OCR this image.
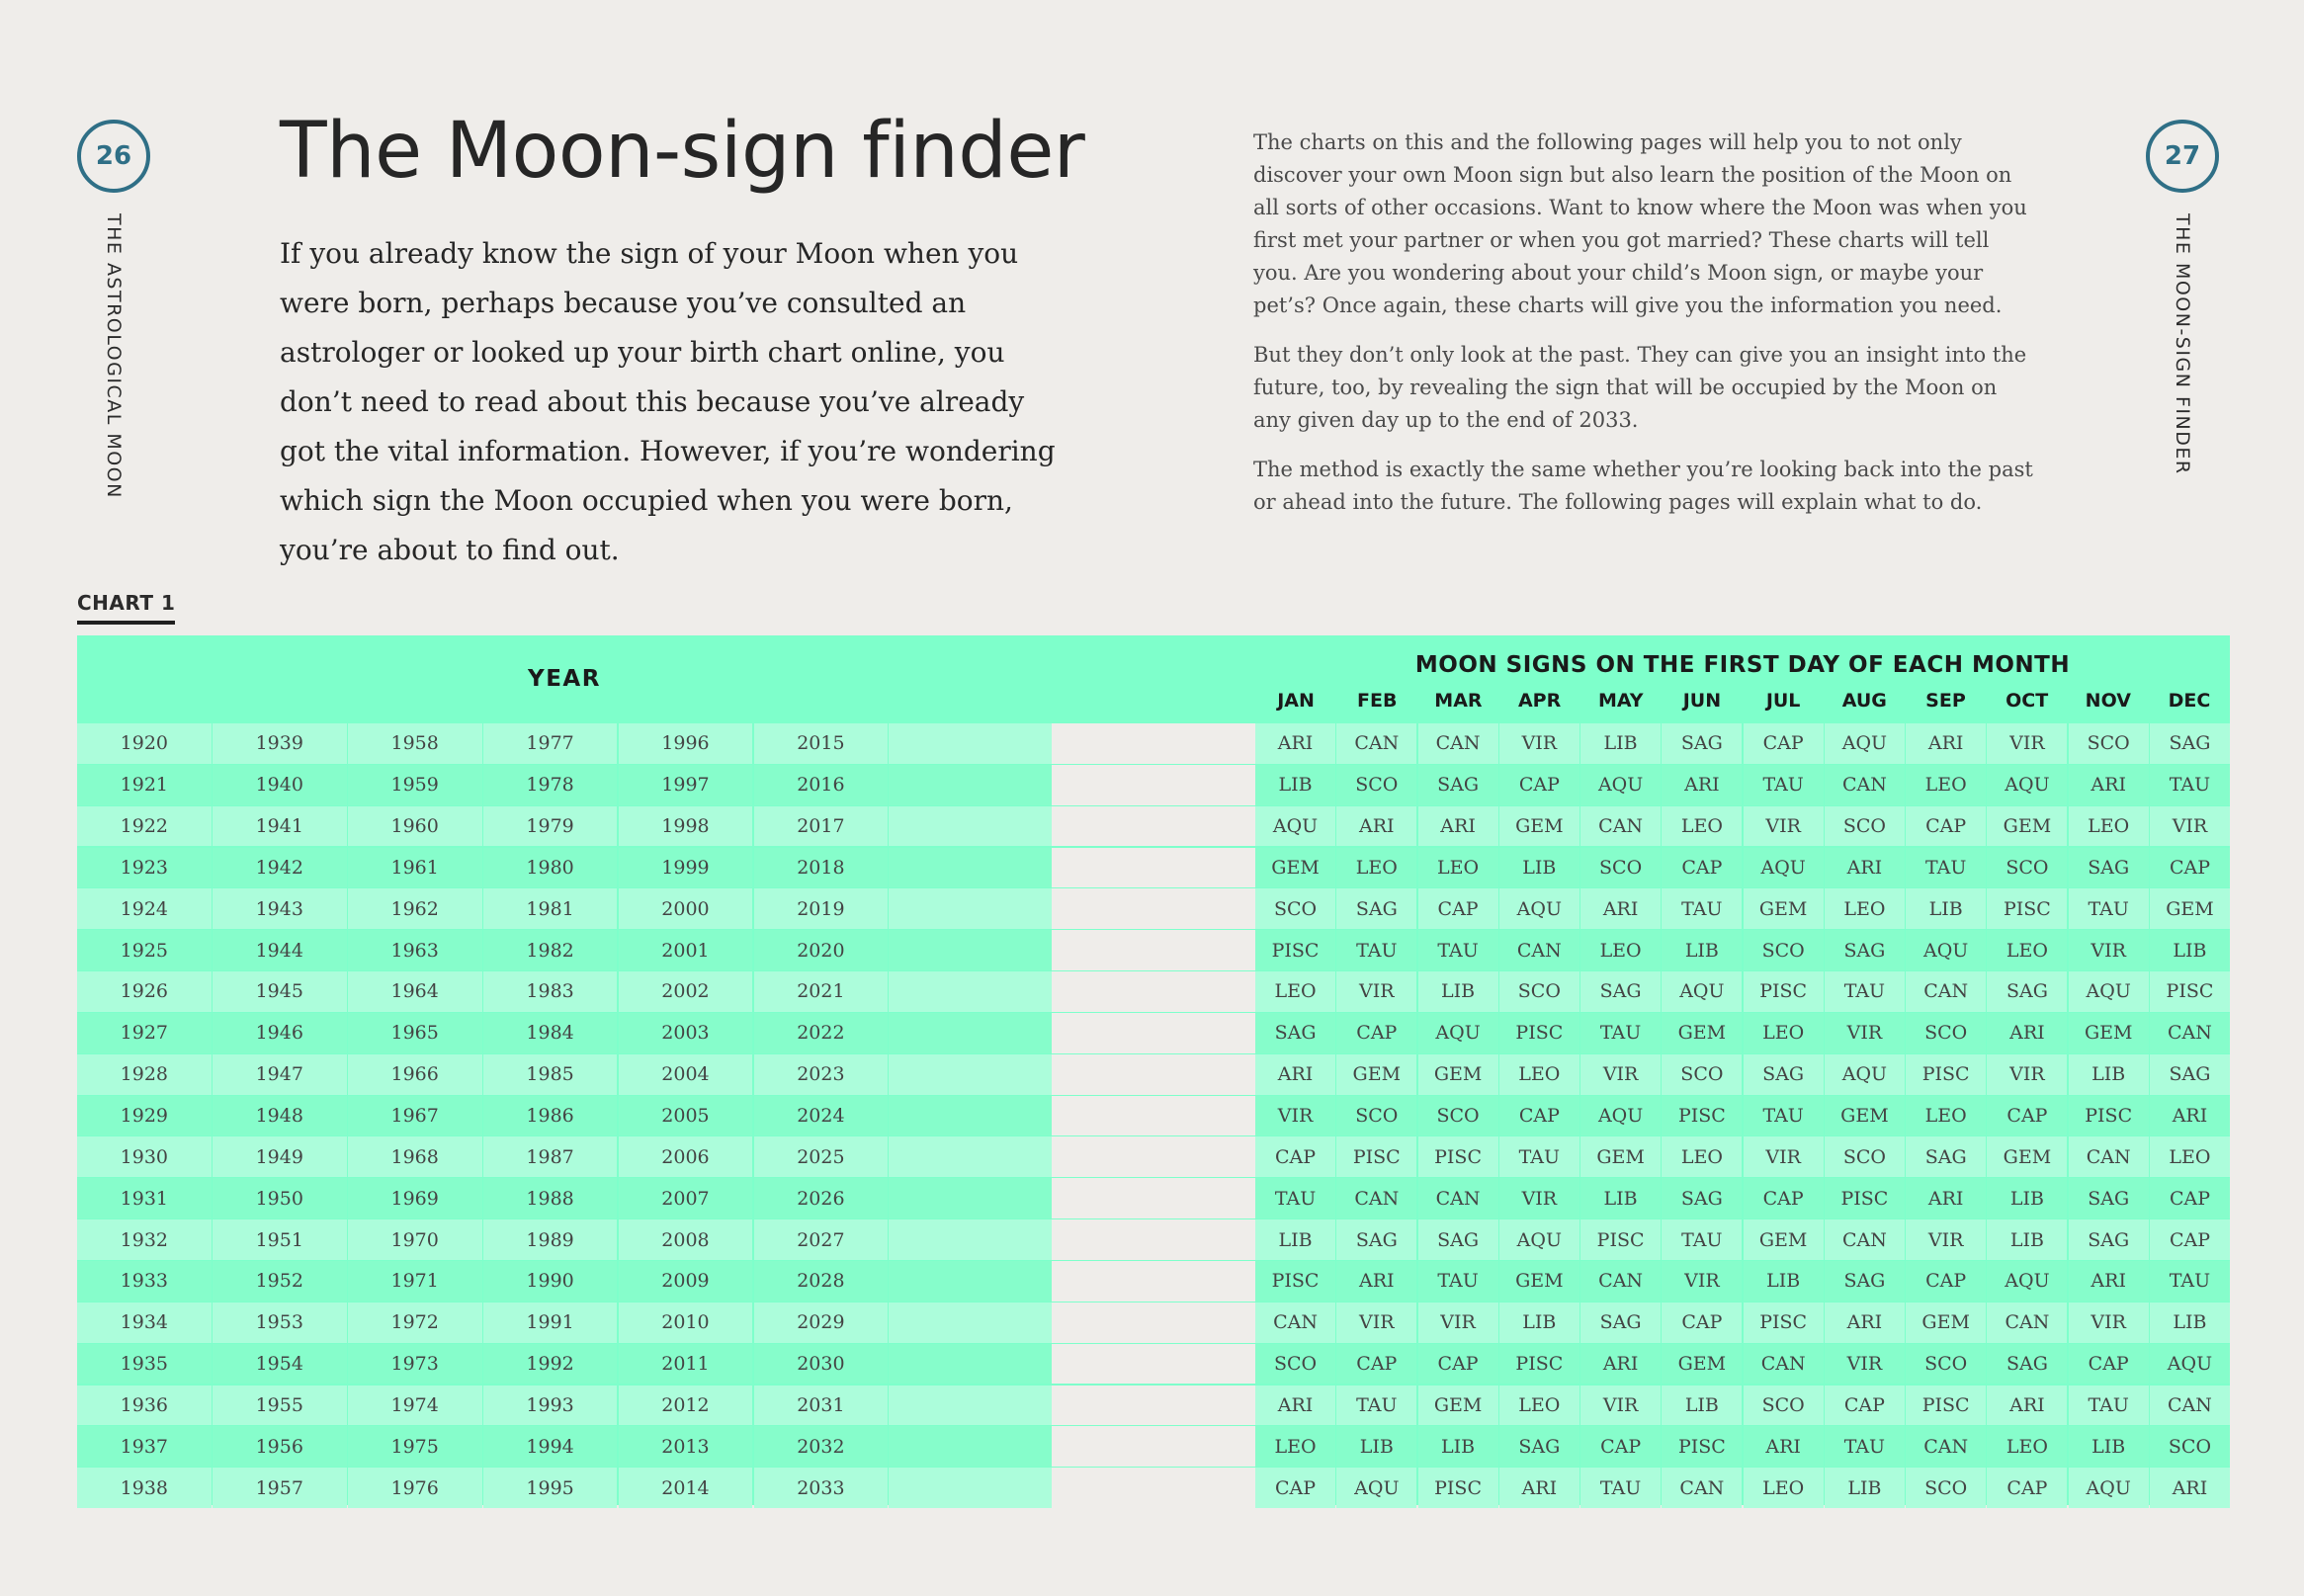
26
THE ASTROLOGICAL MOON
27
THE MOON-SIGN FINDER
The Moon-sign finder

If you already know the sign of your Moon when you were born, perhaps because you’ve consulted an astrologer or looked up your birth chart online, you don’t need to read about this because you’ve already got the vital information. However, if you’re wondering which sign the Moon occupied when you were born, you’re about to find out.

The charts on this and the following pages will help you to not only discover your own Moon sign but also learn the position of the Moon on all sorts of other occasions. Want to know where the Moon was when you first met your partner or when you got married? These charts will tell you. Are you wondering about your child’s Moon sign, or maybe your pet’s? Once again, these charts will give you the information you need.

But they don’t only look at the past. They can give you an insight into the future, too, by revealing the sign that will be occupied by the Moon on any given day up to the end of 2033.

The method is exactly the same whether you’re looking back into the past or ahead into the future. The following pages will explain what to do.

CHART 1
YEAR
MOON SIGNS ON THE FIRST DAY OF EACH MONTH
JAN	FEB	MAR	APR	MAY	JUN	JUL	AUG	SEP	OCT	NOV	DEC
1920	1939	1958	1977	1996	2015	ARI	CAN	CAN	VIR	LIB	SAG	CAP	AQU	ARI	VIR	SCO	SAG
1921	1940	1959	1978	1997	2016	LIB	SCO	SAG	CAP	AQU	ARI	TAU	CAN	LEO	AQU	ARI	TAU
1922	1941	1960	1979	1998	2017	AQU	ARI	ARI	GEM	CAN	LEO	VIR	SCO	CAP	GEM	LEO	VIR
1923	1942	1961	1980	1999	2018	GEM	LEO	LEO	LIB	SCO	CAP	AQU	ARI	TAU	SCO	SAG	CAP
1924	1943	1962	1981	2000	2019	SCO	SAG	CAP	AQU	ARI	TAU	GEM	LEO	LIB	PISC	TAU	GEM
1925	1944	1963	1982	2001	2020	PISC	TAU	TAU	CAN	LEO	LIB	SCO	SAG	AQU	LEO	VIR	LIB
1926	1945	1964	1983	2002	2021	LEO	VIR	LIB	SCO	SAG	AQU	PISC	TAU	CAN	SAG	AQU	PISC
1927	1946	1965	1984	2003	2022	SAG	CAP	AQU	PISC	TAU	GEM	LEO	VIR	SCO	ARI	GEM	CAN
1928	1947	1966	1985	2004	2023	ARI	GEM	GEM	LEO	VIR	SCO	SAG	AQU	PISC	VIR	LIB	SAG
1929	1948	1967	1986	2005	2024	VIR	SCO	SCO	CAP	AQU	PISC	TAU	GEM	LEO	CAP	PISC	ARI
1930	1949	1968	1987	2006	2025	CAP	PISC	PISC	TAU	GEM	LEO	VIR	SCO	SAG	GEM	CAN	LEO
1931	1950	1969	1988	2007	2026	TAU	CAN	CAN	VIR	LIB	SAG	CAP	PISC	ARI	LIB	SAG	CAP
1932	1951	1970	1989	2008	2027	LIB	SAG	SAG	AQU	PISC	TAU	GEM	CAN	VIR	LIB	SAG	CAP
1933	1952	1971	1990	2009	2028	PISC	ARI	TAU	GEM	CAN	VIR	LIB	SAG	CAP	AQU	ARI	TAU
1934	1953	1972	1991	2010	2029	CAN	VIR	VIR	LIB	SAG	CAP	PISC	ARI	GEM	CAN	VIR	LIB
1935	1954	1973	1992	2011	2030	SCO	CAP	CAP	PISC	ARI	GEM	CAN	VIR	SCO	SAG	CAP	AQU
1936	1955	1974	1993	2012	2031	ARI	TAU	GEM	LEO	VIR	LIB	SCO	CAP	PISC	ARI	TAU	CAN
1937	1956	1975	1994	2013	2032	LEO	LIB	LIB	SAG	CAP	PISC	ARI	TAU	CAN	LEO	LIB	SCO
1938	1957	1976	1995	2014	2033	CAP	AQU	PISC	ARI	TAU	CAN	LEO	LIB	SCO	CAP	AQU	ARI
